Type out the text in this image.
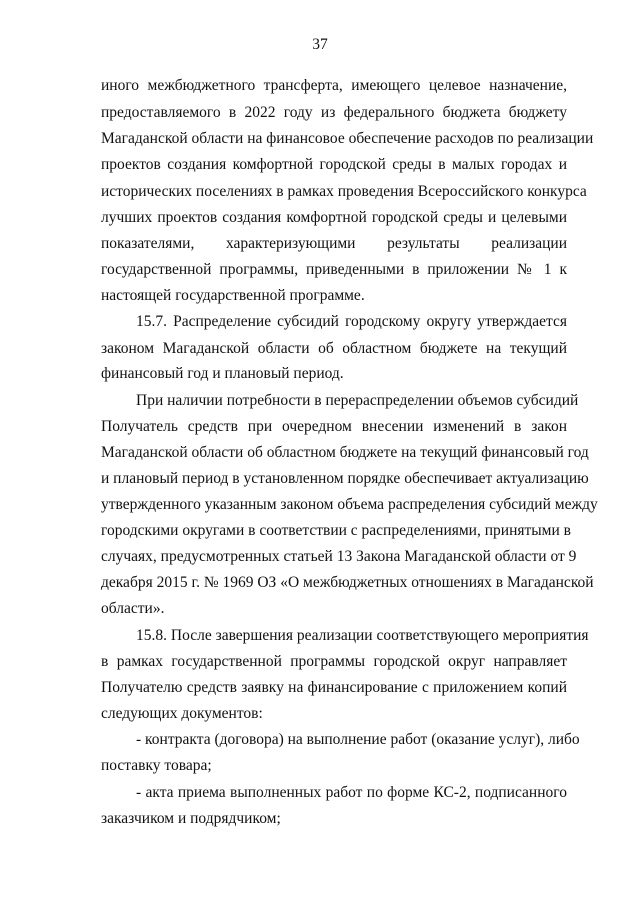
37
иного межбюджетного трансферта, имеющего целевое назначение,
предоставляемого в 2022 году из федерального бюджета бюджету
Магаданской области на финансовое обеспечение расходов по реализации
проектов создания комфортной городской среды в малых городах и
исторических поселениях в рамках проведения Всероссийского конкурса
лучших проектов создания комфортной городской среды и целевыми
показателями, характеризующими результаты реализации
государственной программы, приведенными в приложении № 1 к
настоящей государственной программе.
15.7. Распределение субсидий городскому округу утверждается
законом Магаданской области об областном бюджете на текущий
финансовый год и плановый период.
При наличии потребности в перераспределении объемов субсидий
Получатель средств при очередном внесении изменений в закон
Магаданской области об областном бюджете на текущий финансовый год
и плановый период в установленном порядке обеспечивает актуализацию
утвержденного указанным законом объема распределения субсидий между
городскими округами в соответствии с распределениями, принятыми в
случаях, предусмотренных статьей 13 Закона Магаданской области от 9
декабря 2015 г. № 1969 ОЗ «О межбюджетных отношениях в Магаданской
области».
15.8. После завершения реализации соответствующего мероприятия
в рамках государственной программы городской округ направляет
Получателю средств заявку на финансирование с приложением копий
следующих документов:
- контракта (договора) на выполнение работ (оказание услуг), либо
поставку товара;
- акта приема выполненных работ по форме КС-2, подписанного
заказчиком и подрядчиком;
